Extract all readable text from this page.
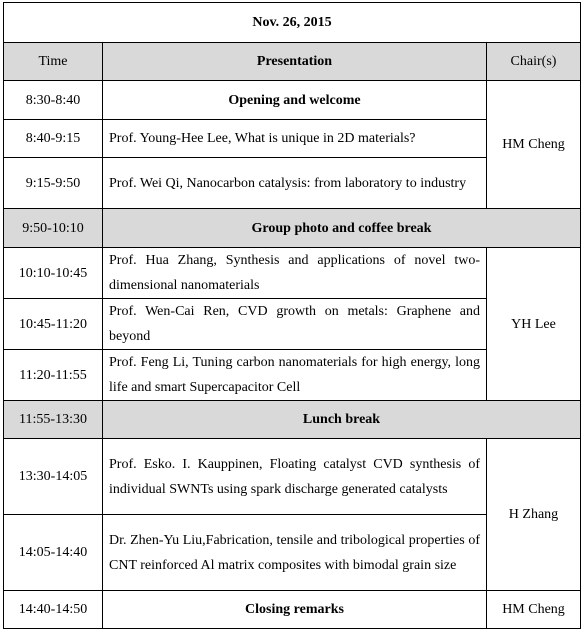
Nov. 26, 2015		
Time	Presentation	Chair(s)
8:30-8:40	Opening and welcome	HM Cheng
8:40-9:15	Prof. Young-Hee Lee, What is unique in 2D materials?	
9:15-9:50	Prof. Wei Qi, Nanocarbon catalysis: from laboratory to industry	
9:50-10:10	Group photo and coffee break	
10:10-10:45	Prof. Hua Zhang, Synthesis and applications of novel two-dimensional nanomaterials	YH Lee
10:45-11:20	Prof. Wen-Cai Ren, CVD growth on metals: Graphene and beyond	
11:20-11:55	Prof. Feng Li, Tuning carbon nanomaterials for high energy, long life and smart Supercapacitor Cell	
11:55-13:30	Lunch break	
13:30-14:05	Prof. Esko. I. Kauppinen, Floating catalyst CVD synthesis of individual SWNTs using spark discharge generated catalysts	H Zhang
14:05-14:40	Dr. Zhen-Yu Liu,Fabrication, tensile and tribological properties of CNT reinforced Al matrix composites with bimodal grain size	
14:40-14:50	Closing remarks	HM Cheng
